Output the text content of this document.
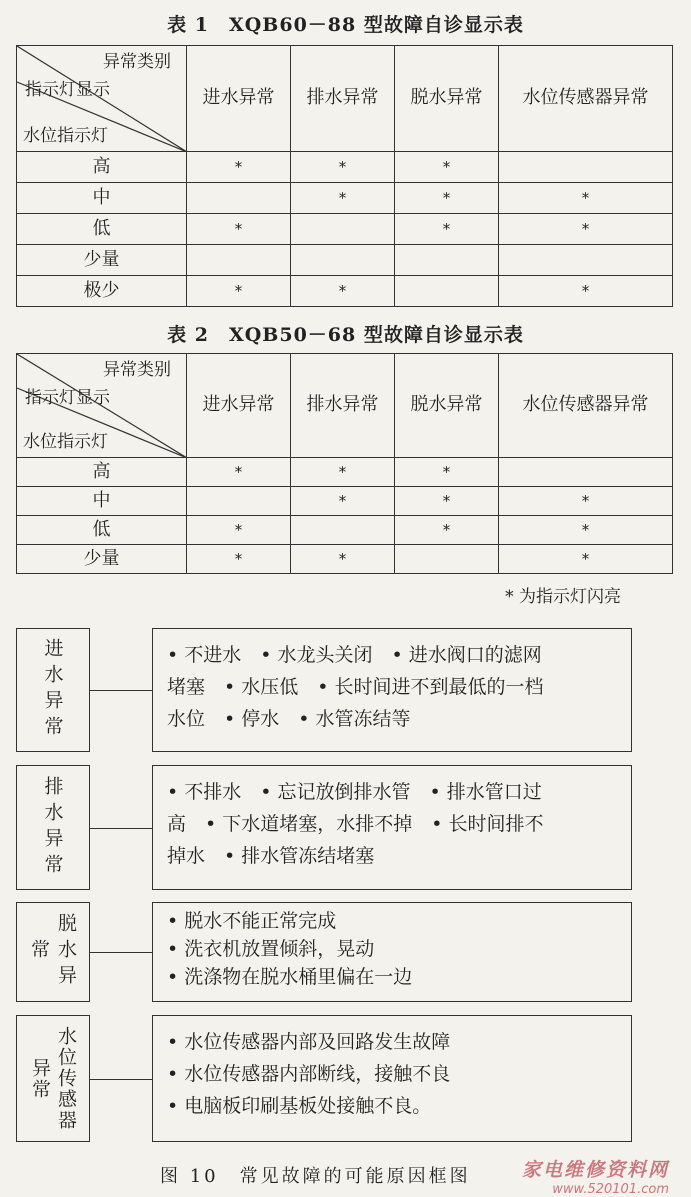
表 1　XQB60－88 型故障自诊显示表
异常类别
指示灯显示
水位指示灯	进水异常	排水异常	脱水异常	水位传感器异常
高	*	*	*	
中		*	*	*
低	*		*	*
少量				
极少	*	*		*
表 2　XQB50－68 型故障自诊显示表
异常类别
指示灯显示
水位指示灯	进水异常	排水异常	脱水异常	水位传感器异常
高	*	*	*	
中		*	*	*
低	*		*	*
少量	*	*		*
* 为指示灯闪亮
进水异常	• 不进水　• 水龙头关闭　• 进水阀口的滤网
堵塞　• 水压低　• 长时间进不到最低的一档
水位　• 停水　• 水管冻结等
排水异常	• 不排水　• 忘记放倒排水管　• 排水管口过
高　• 下水道堵塞，水排不掉　• 长时间排不
掉水　• 排水管冻结堵塞
脱水异常
• 脱水不能正常完成
• 洗衣机放置倾斜，晃动
• 洗涤物在脱水桶里偏在一边
水位传感器异常
• 水位传感器内部及回路发生故障
• 水位传感器内部断线，接触不良
• 电脑板印刷基板处接触不良。
图 10　常见故障的可能原因框图	家电维修资料网
www.520101.com
